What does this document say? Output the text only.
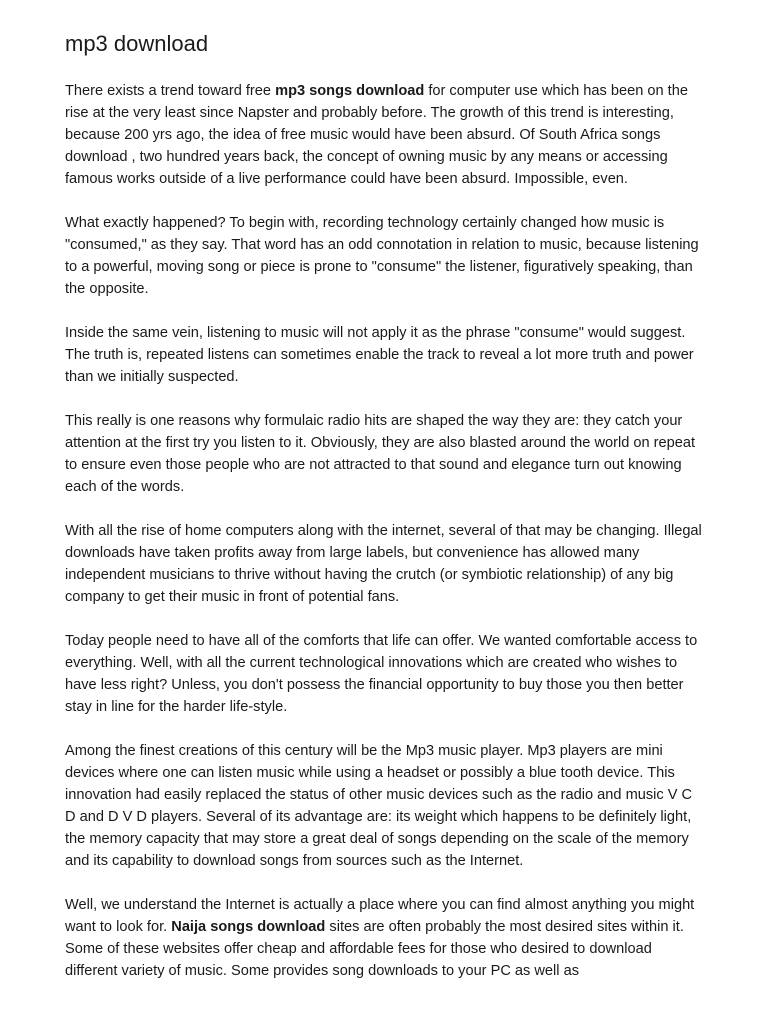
mp3 download

There exists a trend toward free mp3 songs download for computer use which has been on the rise at the very least since Napster and probably before. The growth of this trend is interesting, because 200 yrs ago, the idea of free music would have been absurd. Of South Africa songs download , two hundred years back, the concept of owning music by any means or accessing famous works outside of a live performance could have been absurd. Impossible, even.

What exactly happened? To begin with, recording technology certainly changed how music is "consumed," as they say. That word has an odd connotation in relation to music, because listening to a powerful, moving song or piece is prone to "consume" the listener, figuratively speaking, than the opposite.

Inside the same vein, listening to music will not apply it as the phrase "consume" would suggest. The truth is, repeated listens can sometimes enable the track to reveal a lot more truth and power than we initially suspected.

This really is one reasons why formulaic radio hits are shaped the way they are: they catch your attention at the first try you listen to it. Obviously, they are also blasted around the world on repeat to ensure even those people who are not attracted to that sound and elegance turn out knowing each of the words.

With all the rise of home computers along with the internet, several of that may be changing. Illegal downloads have taken profits away from large labels, but convenience has allowed many independent musicians to thrive without having the crutch (or symbiotic relationship) of any big company to get their music in front of potential fans.

Today people need to have all of the comforts that life can offer. We wanted comfortable access to everything. Well, with all the current technological innovations which are created who wishes to have less right? Unless, you don't possess the financial opportunity to buy those you then better stay in line for the harder life-style.

Among the finest creations of this century will be the Mp3 music player. Mp3 players are mini devices where one can listen music while using a headset or possibly a blue tooth device. This innovation had easily replaced the status of other music devices such as the radio and music V C D and D V D players. Several of its advantage are: its weight which happens to be definitely light, the memory capacity that may store a great deal of songs depending on the scale of the memory and its capability to download songs from sources such as the Internet.

Well, we understand the Internet is actually a place where you can find almost anything you might want to look for. Naija songs download sites are often probably the most desired sites within it. Some of these websites offer cheap and affordable fees for those who desired to download different variety of music. Some provides song downloads to your PC as well as
